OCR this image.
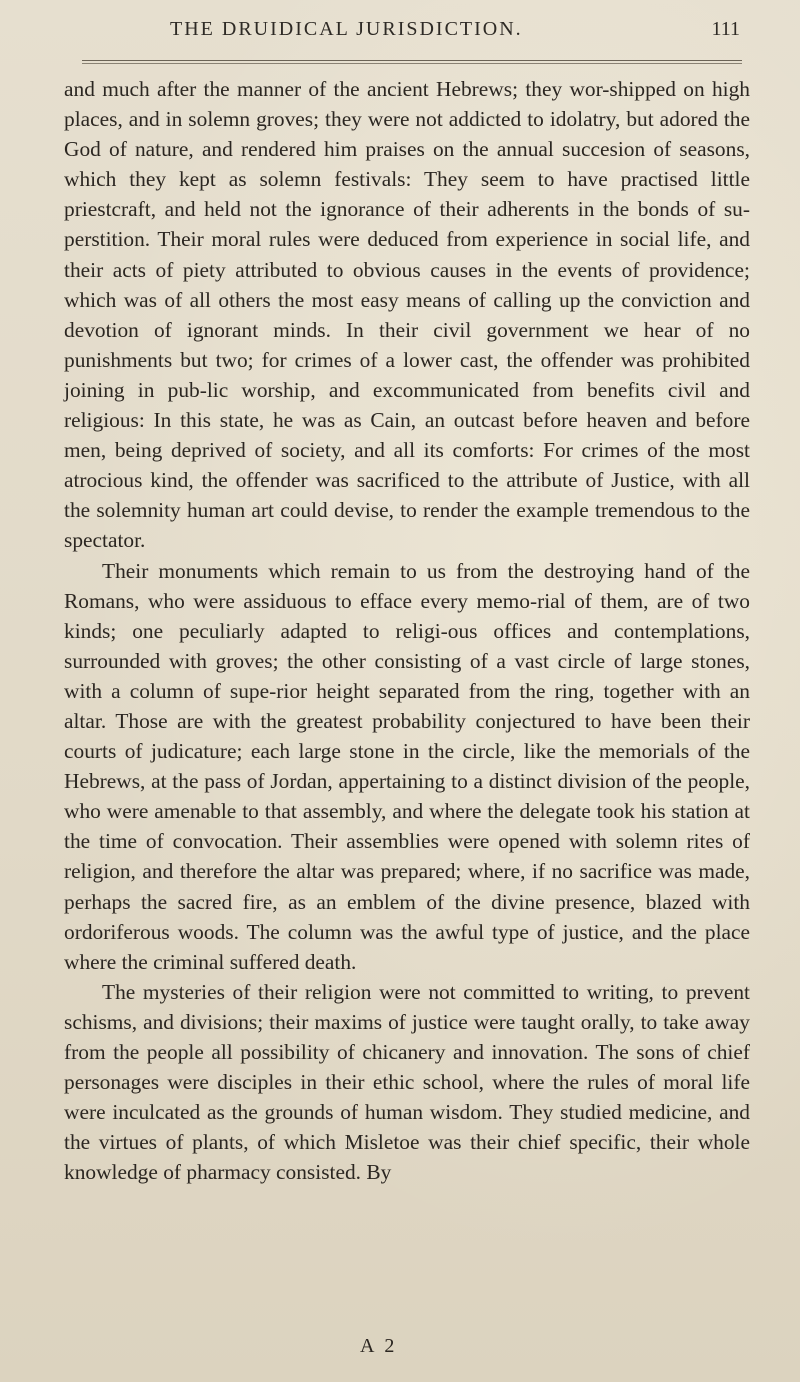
THE DRUIDICAL JURISDICTION.	111

and much after the manner of the ancient Hebrews; they wor-shipped on high places, and in solemn groves; they were not addicted to idolatry, but adored the God of nature, and rendered him praises on the annual succesion of seasons, which they kept as solemn festivals: They seem to have practised little priestcraft, and held not the ignorance of their adherents in the bonds of su-perstition. Their moral rules were deduced from experience in social life, and their acts of piety attributed to obvious causes in the events of providence; which was of all others the most easy means of calling up the conviction and devotion of ignorant minds. In their civil government we hear of no punishments but two; for crimes of a lower cast, the offender was prohibited joining in pub-lic worship, and excommunicated from benefits civil and religious: In this state, he was as Cain, an outcast before heaven and before men, being deprived of society, and all its comforts: For crimes of the most atrocious kind, the offender was sacrificed to the attribute of Justice, with all the solemnity human art could devise, to render the example tremendous to the spectator.

Their monuments which remain to us from the destroying hand of the Romans, who were assiduous to efface every memo-rial of them, are of two kinds; one peculiarly adapted to religi-ous offices and contemplations, surrounded with groves; the other consisting of a vast circle of large stones, with a column of supe-rior height separated from the ring, together with an altar. Those are with the greatest probability conjectured to have been their courts of judicature; each large stone in the circle, like the memorials of the Hebrews, at the pass of Jordan, appertaining to a distinct division of the people, who were amenable to that assembly, and where the delegate took his station at the time of convocation. Their assemblies were opened with solemn rites of religion, and therefore the altar was prepared; where, if no sacrifice was made, perhaps the sacred fire, as an emblem of the divine presence, blazed with ordoriferous woods. The column was the awful type of justice, and the place where the criminal suffered death.

The mysteries of their religion were not committed to writing, to prevent schisms, and divisions; their maxims of justice were taught orally, to take away from the people all possibility of chicanery and innovation. The sons of chief personages were disciples in their ethic school, where the rules of moral life were inculcated as the grounds of human wisdom. They studied medicine, and the virtues of plants, of which Misletoe was their chief specific, their whole knowledge of pharmacy consisted. By

A 2
